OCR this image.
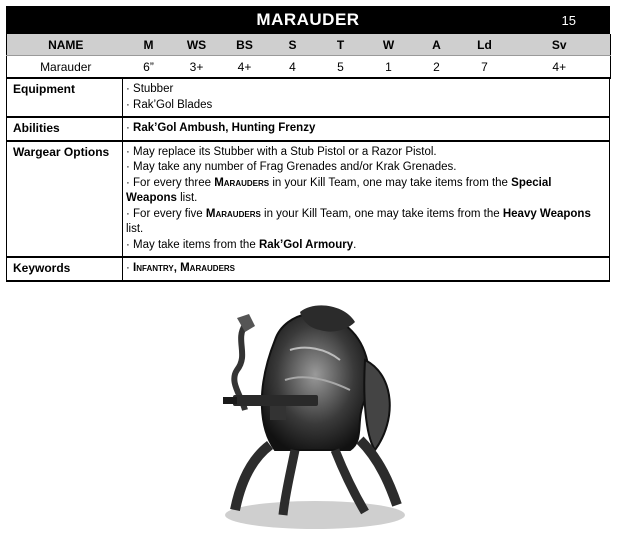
MARAUDER	15
NAME	M	WS	BS	S	T	W	A	Ld	Sv
Marauder	6”	3+	4+	4	5	1	2	7	4+
Equipment	· Stubber
· Rak’Gol Blades
Abilities	· Rak’Gol Ambush, Hunting Frenzy
Wargear Options	· May replace its Stubber with a Stub Pistol or a Razor Pistol.
· May take any number of Frag Grenades and/or Krak Grenades.
· For every three Marauders in your Kill Team, one may take items from the Special Weapons list.
· For every five Marauders in your Kill Team, one may take items from the Heavy Weapons list.
· May take items from the Rak’Gol Armoury.
Keywords	· Infantry, Marauders
